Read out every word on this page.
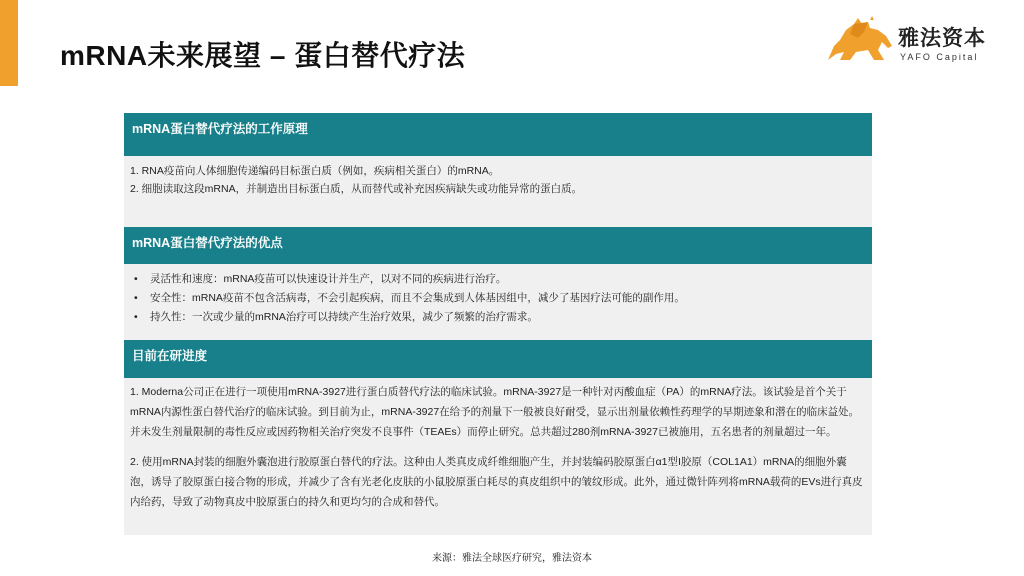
mRNA未来展望 – 蛋白替代疗法
雅法资本
YAFO Capital
mRNA蛋白替代疗法的工作原理

1. RNA疫苗向人体细胞传递编码目标蛋白质（例如，疾病相关蛋白）的mRNA。

2. 细胞读取这段mRNA，并制造出目标蛋白质，从而替代或补充因疾病缺失或功能异常的蛋白质。

mRNA蛋白替代疗法的优点
•	灵活性和速度：mRNA疫苗可以快速设计并生产，以对不同的疾病进行治疗。
•	安全性：mRNA疫苗不包含活病毒，不会引起疾病，而且不会集成到人体基因组中，减少了基因疗法可能的副作用。
•	持久性：一次或少量的mRNA治疗可以持续产生治疗效果，减少了频繁的治疗需求。
目前在研进度

1. Moderna公司正在进行一项使用mRNA-3927进行蛋白质替代疗法的临床试验。mRNA-3927是一种针对丙酸血症（PA）的mRNA疗法。该试验是首个关于mRNA内源性蛋白替代治疗的临床试验。到目前为止，mRNA-3927在给予的剂量下一般被良好耐受，显示出剂量依赖性药理学的早期迹象和潜在的临床益处。并未发生剂量限制的毒性反应或因药物相关治疗突发不良事件（TEAEs）而停止研究。总共超过280剂mRNA-3927已被施用，五名患者的剂量超过一年。

2. 使用mRNA封装的细胞外囊泡进行胶原蛋白替代的疗法。这种由人类真皮成纤维细胞产生，并封装编码胶原蛋白α1型I胶原（COL1A1）mRNA的细胞外囊泡，诱导了胶原蛋白接合物的形成，并减少了含有光老化皮肤的小鼠胶原蛋白耗尽的真皮组织中的皱纹形成。此外，通过微针阵列将mRNA载荷的EVs进行真皮内给药，导致了动物真皮中胶原蛋白的持久和更均匀的合成和替代。

来源：雅法全球医疗研究，雅法资本
